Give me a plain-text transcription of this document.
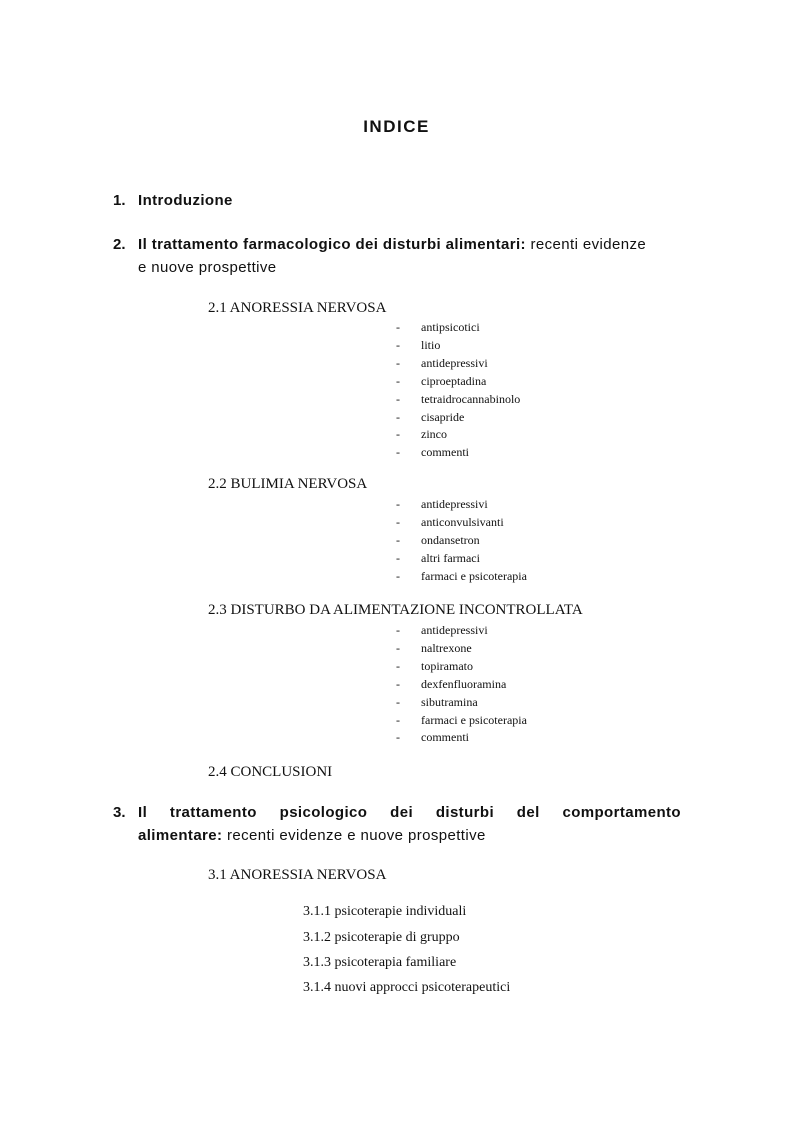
INDICE
1. Introduzione
2. Il trattamento farmacologico dei disturbi alimentari: recenti evidenze
e nuove prospettive
2.1 ANORESSIA NERVOSA
2.2 BULIMIA NERVOSA
2.3 DISTURBO DA ALIMENTAZIONE INCONTROLLATA
2.4 CONCLUSIONI
3. Il trattamento psicologico dei disturbi del comportamento
alimentare: recenti evidenze e nuove prospettive
3.1 ANORESSIA NERVOSA
3.1.1 psicoterapie individuali
3.1.2 psicoterapie di gruppo
3.1.3 psicoterapia familiare
3.1.4 nuovi approcci psicoterapeutici
- antipsicotici
- litio
- antidepressivi
- ciproeptadina
- tetraidrocannabinolo
- cisapride
- zinco
- commenti
- antidepressivi
- anticonvulsivanti
- ondansetron
- altri farmaci
- farmaci e psicoterapia
- antidepressivi
- naltrexone
- topiramato
- dexfenfluoramina
- sibutramina
- farmaci e psicoterapia
- commenti
